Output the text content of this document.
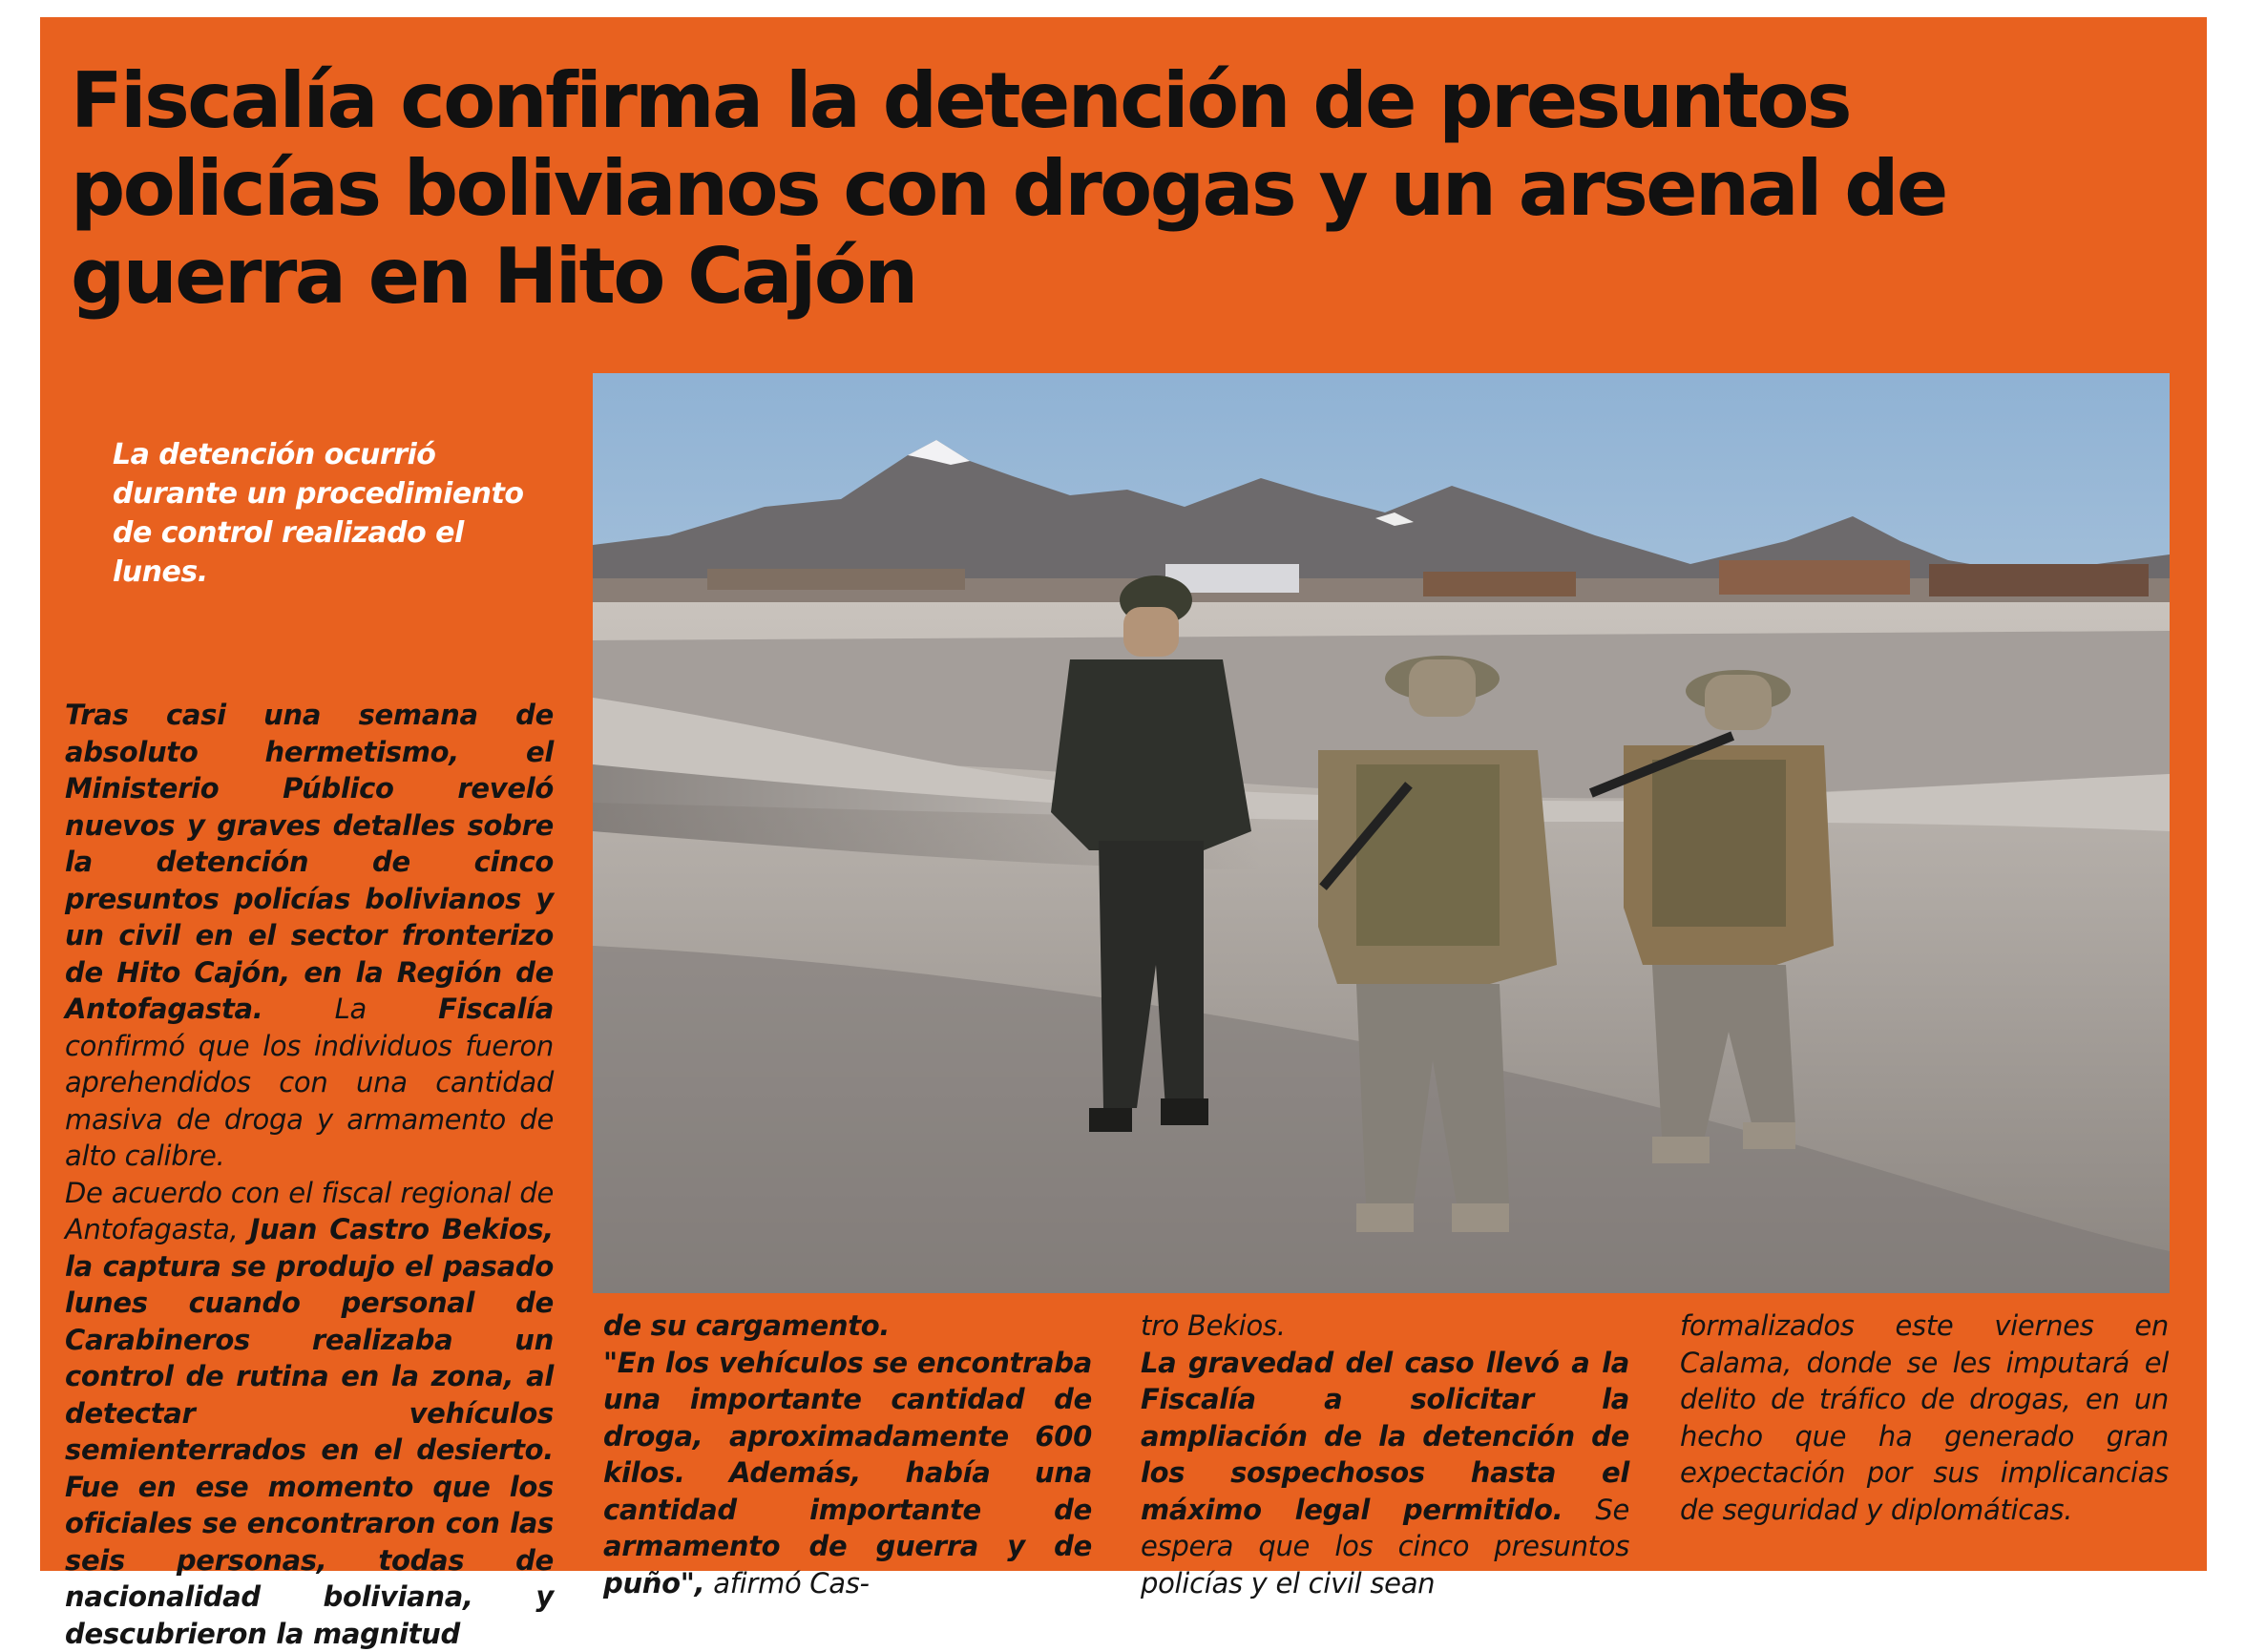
Fiscalía confirma la detención de presuntos policías bolivianos con drogas y un arsenal de guerra en Hito Cajón

La detención ocurrió durante un procedimiento de control realizado el lunes.

Tras casi una semana de absoluto hermetismo, el Ministerio Público reveló nuevos y graves detalles sobre la detención de cinco presuntos policías bolivianos y un civil en el sector fronterizo de Hito Cajón, en la Región de Antofagasta. La Fiscalía confirmó que los individuos fueron aprehendidos con una cantidad masiva de droga y armamento de alto calibre.

De acuerdo con el fiscal regional de Antofagasta, Juan Castro Bekios, la captura se produjo el pasado lunes cuando personal de Carabineros realizaba un control de rutina en la zona, al detectar vehículos semienterrados en el desierto. Fue en ese momento que los oficiales se encontraron con las seis personas, todas de nacionalidad boliviana, y descubrieron la magnitud

de su cargamento.

"En los vehículos se encontraba una importante cantidad de droga, aproximadamente 600 kilos. Además, había una cantidad importante de armamento de guerra y de puño", afirmó Cas-

tro Bekios.

La gravedad del caso llevó a la Fiscalía a solicitar la ampliación de la detención de los sospechosos hasta el máximo legal permitido. Se espera que los cinco presuntos policías y el civil sean

formalizados este viernes en Calama, donde se les imputará el delito de tráfico de drogas, en un hecho que ha generado gran expectación por sus implicancias de seguridad y diplomáticas.
